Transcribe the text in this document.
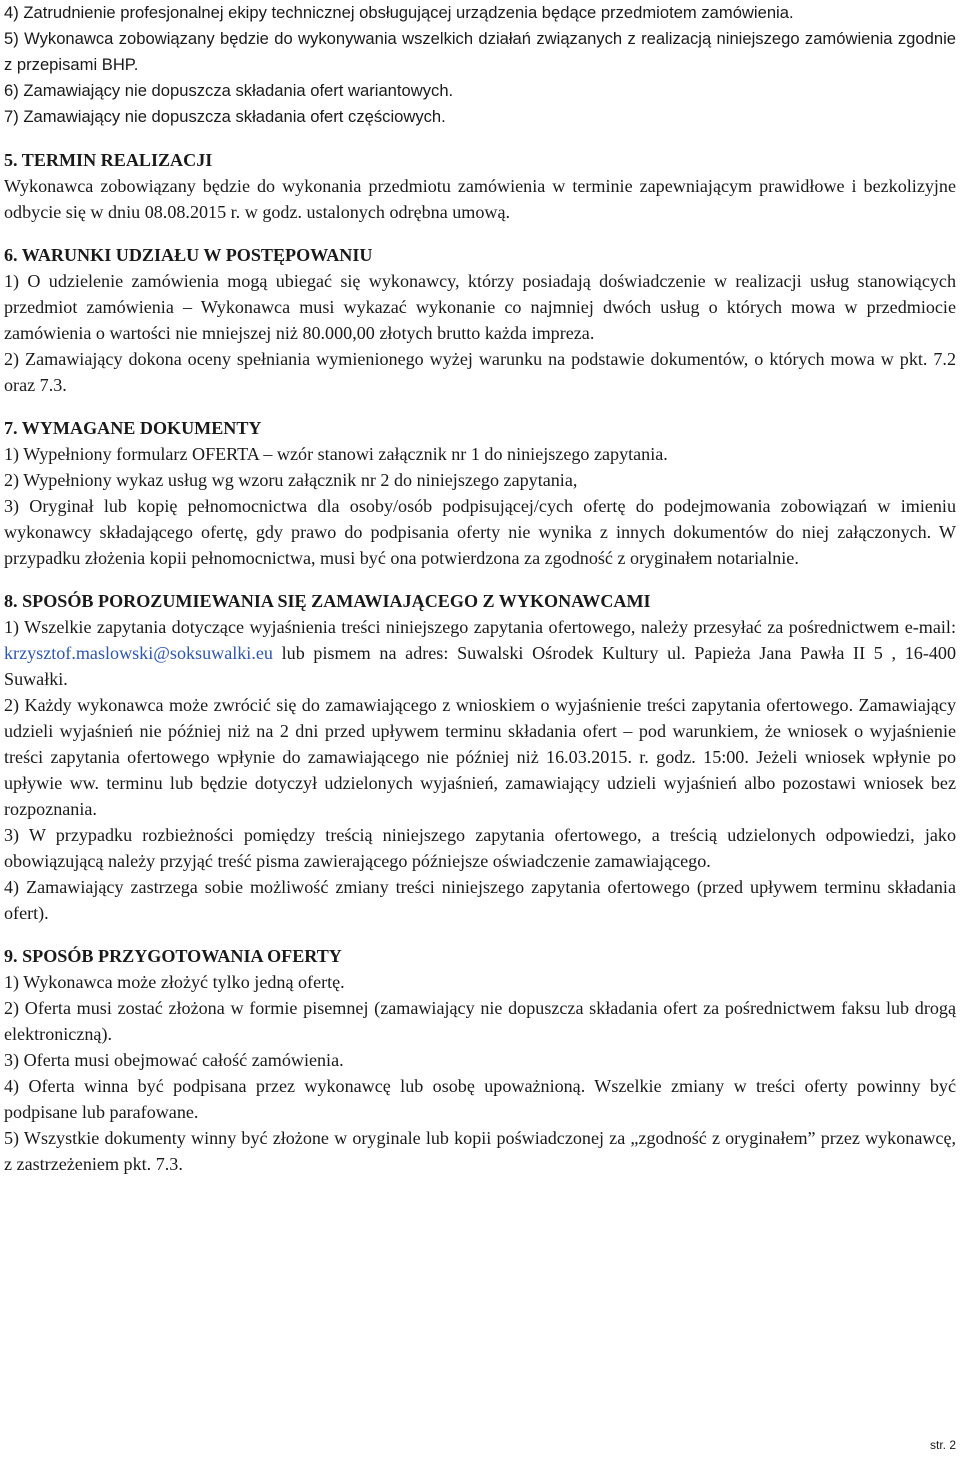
4) Zatrudnienie profesjonalnej ekipy technicznej obsługującej urządzenia będące przedmiotem zamówienia.

5) Wykonawca zobowiązany będzie do wykonywania wszelkich działań związanych z realizacją niniejszego zamówienia zgodnie z przepisami BHP.

6) Zamawiający nie dopuszcza składania ofert wariantowych.

7) Zamawiający nie dopuszcza składania ofert częściowych.

5. TERMIN REALIZACJI

Wykonawca zobowiązany będzie do wykonania przedmiotu zamówienia w terminie zapewniającym prawidłowe i bezkolizyjne odbycie się w dniu 08.08.2015 r. w godz. ustalonych odrębna umową.

6. WARUNKI UDZIAŁU W POSTĘPOWANIU

1) O udzielenie zamówienia mogą ubiegać się wykonawcy, którzy posiadają doświadczenie w realizacji usług stanowiących przedmiot zamówienia – Wykonawca musi wykazać wykonanie co najmniej dwóch usług o których mowa w przedmiocie zamówienia o wartości nie mniejszej niż 80.000,00 złotych brutto każda impreza.

2) Zamawiający dokona oceny spełniania wymienionego wyżej warunku na podstawie dokumentów, o których mowa w pkt. 7.2 oraz 7.3.

7. WYMAGANE DOKUMENTY

1) Wypełniony formularz OFERTA – wzór stanowi załącznik nr 1 do niniejszego zapytania.

2) Wypełniony wykaz usług wg wzoru załącznik nr 2 do niniejszego zapytania,

3) Oryginał lub kopię pełnomocnictwa dla osoby/osób podpisującej/cych ofertę do podejmowania zobowiązań w imieniu wykonawcy składającego ofertę, gdy prawo do podpisania oferty nie wynika z innych dokumentów do niej załączonych. W przypadku złożenia kopii pełnomocnictwa, musi być ona potwierdzona za zgodność z oryginałem notarialnie.

8. SPOSÓB POROZUMIEWANIA SIĘ ZAMAWIAJĄCEGO Z WYKONAWCAMI

1) Wszelkie zapytania dotyczące wyjaśnienia treści niniejszego zapytania ofertowego, należy przesyłać za pośrednictwem e-mail: krzysztof.maslowski@soksuwalki.eu lub pismem na adres: Suwalski Ośrodek Kultury ul. Papieża Jana Pawła II 5 , 16-400 Suwałki.

2) Każdy wykonawca może zwrócić się do zamawiającego z wnioskiem o wyjaśnienie treści zapytania ofertowego. Zamawiający udzieli wyjaśnień nie później niż na 2 dni przed upływem terminu składania ofert – pod warunkiem, że wniosek o wyjaśnienie treści zapytania ofertowego wpłynie do zamawiającego nie później niż 16.03.2015. r. godz. 15:00. Jeżeli wniosek wpłynie po upływie ww. terminu lub będzie dotyczył udzielonych wyjaśnień, zamawiający udzieli wyjaśnień albo pozostawi wniosek bez rozpoznania.

3) W przypadku rozbieżności pomiędzy treścią niniejszego zapytania ofertowego, a treścią udzielonych odpowiedzi, jako obowiązującą należy przyjąć treść pisma zawierającego późniejsze oświadczenie zamawiającego.

4) Zamawiający zastrzega sobie możliwość zmiany treści niniejszego zapytania ofertowego (przed upływem terminu składania ofert).

9. SPOSÓB PRZYGOTOWANIA OFERTY

1) Wykonawca może złożyć tylko jedną ofertę.

2) Oferta musi zostać złożona w formie pisemnej (zamawiający nie dopuszcza składania ofert za pośrednictwem faksu lub drogą elektroniczną).

3) Oferta musi obejmować całość zamówienia.

4) Oferta winna być podpisana przez wykonawcę lub osobę upoważnioną. Wszelkie zmiany w treści oferty powinny być podpisane lub parafowane.

5) Wszystkie dokumenty winny być złożone w oryginale lub kopii poświadczonej za „zgodność z oryginałem” przez wykonawcę, z zastrzeżeniem pkt. 7.3.

str. 2
